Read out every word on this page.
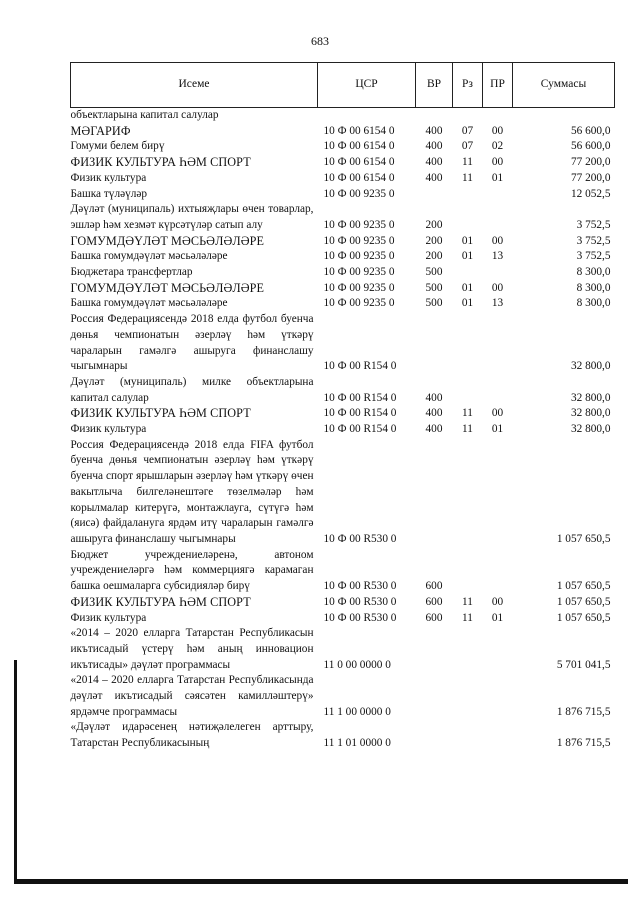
683
Исеме	ЦСР	ВР	Рз	ПР	Суммасы
объектларына капитал салулар					
МӘГАРИФ	10 Ф 00 6154 0	400	07	00	56 600,0
Гомуми белем бирү	10 Ф 00 6154 0	400	07	02	56 600,0
ФИЗИК КУЛЬТУРА ҺӘМ СПОРТ	10 Ф 00 6154 0	400	11	00	77 200,0
Физик культура	10 Ф 00 6154 0	400	11	01	77 200,0
Башка түләүләр	10 Ф 00 9235 0				12 052,5
Дәүләт (муниципаль) ихтыяҗлары өчен товарлар, эшләр һәм хезмәт күрсәтүләр сатып алу	10 Ф 00 9235 0	200			3 752,5
ГОМУМДӘҮЛӘТ МӘСЬӘЛӘЛӘРЕ	10 Ф 00 9235 0	200	01	00	3 752,5
Башка гомумдәүләт мәсьәләләре	10 Ф 00 9235 0	200	01	13	3 752,5
Бюджетара трансфертлар	10 Ф 00 9235 0	500			8 300,0
ГОМУМДӘҮЛӘТ МӘСЬӘЛӘЛӘРЕ	10 Ф 00 9235 0	500	01	00	8 300,0
Башка гомумдәүләт мәсьәләләре	10 Ф 00 9235 0	500	01	13	8 300,0
Россия Федерациясендә 2018 елда футбол буенча дөнья чемпионатын әзерләү һәм үткәрү чараларын гамәлгә ашыруга финанслашу чыгымнары	10 Ф 00 R154 0				32 800,0
Дәүләт (муниципаль) милке объектларына капитал салулар	10 Ф 00 R154 0	400			32 800,0
ФИЗИК КУЛЬТУРА ҺӘМ СПОРТ	10 Ф 00 R154 0	400	11	00	32 800,0
Физик культура	10 Ф 00 R154 0	400	11	01	32 800,0
Россия Федерациясендә 2018 елда FIFA футбол буенча дөнья чемпионатын әзерләү һәм үткәрү буенча спорт ярышларын әзерләү һәм үткәрү өчен вакытлыча билгеләнештәге төзелмәләр һәм корылмалар китерүгә, монтажлауга, сүтүгә һәм (яисә) файдалануга ярдәм итү чараларын гамәлгә ашыруга финанслашу чыгымнары	10 Ф 00 R530 0				1 057 650,5
Бюджет учреждениеләренә, автоном учреждениеләргә һәм коммерциягә карамаган башка оешмаларга субсидияләр бирү	10 Ф 00 R530 0	600			1 057 650,5
ФИЗИК КУЛЬТУРА ҺӘМ СПОРТ	10 Ф 00 R530 0	600	11	00	1 057 650,5
Физик культура	10 Ф 00 R530 0	600	11	01	1 057 650,5
«2014 – 2020 елларга Татарстан Республикасын икътисадый үстерү һәм аның инновацион икътисады» дәүләт программасы	11 0 00 0000 0				5 701 041,5
«2014 – 2020 елларга Татарстан Республикасында дәүләт икътисадый сәясәтен камилләштерү» ярдәмче программасы	11 1 00 0000 0				1 876 715,5
«Дәүләт идарәсенең нәтиҗәлелеген арттыру, Татарстан Республикасының	11 1 01 0000 0				1 876 715,5
